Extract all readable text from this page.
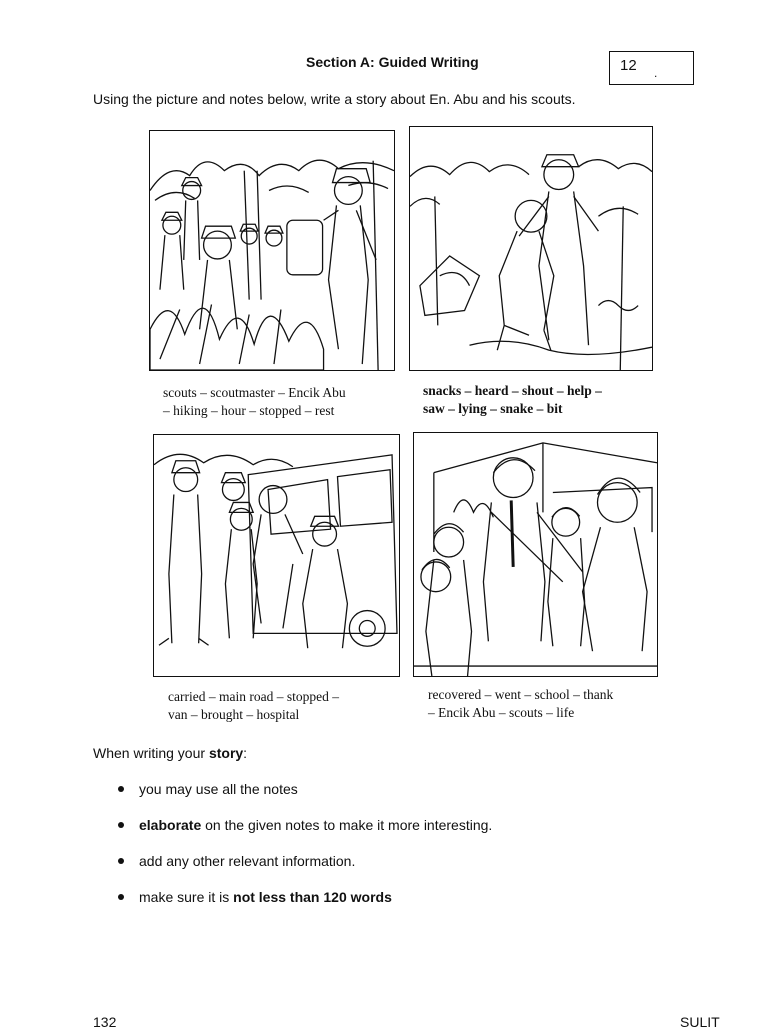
Section A: Guided Writing	12 .
Using the picture and notes below, write a story about En. Abu and his scouts.
scouts – scoutmaster – Encik Abu
– hiking – hour – stopped – rest
snacks – heard – shout – help –
saw – lying – snake – bit
carried – main road – stopped –
van – brought – hospital
recovered – went – school – thank
– Encik Abu – scouts – life
When writing your story:
you may use all the notes
elaborate on the given notes to make it more interesting.
add any other relevant information.
make sure it is not less than 120 words
132	SULIT
